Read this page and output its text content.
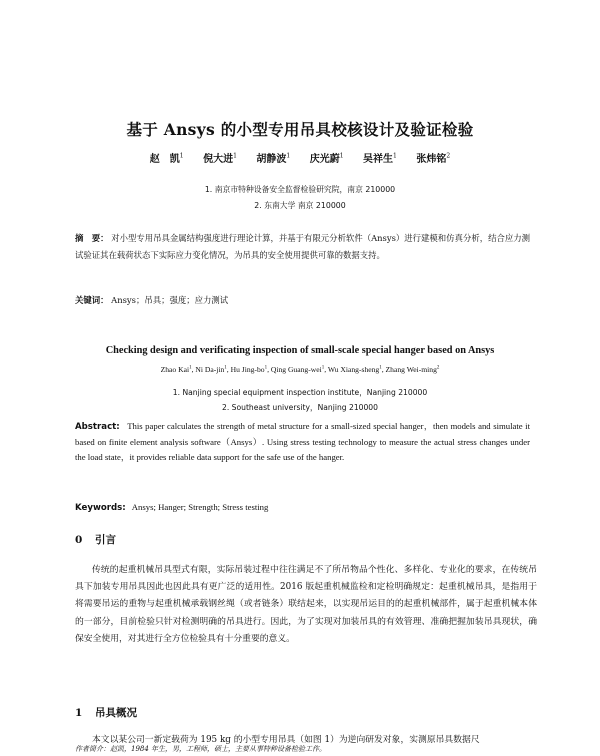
基于 Ansys 的小型专用吊具校核设计及验证检验
赵　凯$^1$ 倪大进$^1$ 胡静波$^1$ 庆光蔚$^1$ 吴祥生$^1$ 张炜铭$^2$
1. 南京市特种设备安全监督检验研究院，南京 210000
2. 东南大学 南京 210000
摘　要： 对小型专用吊具金属结构强度进行理论计算，并基于有限元分析软件（Ansys）进行建模和仿真分析，结合应力测试验证其在载荷状态下实际应力变化情况，为吊具的安全使用提供可靠的数据支持。
关键词： Ansys；吊具；强度；应力测试
Checking design and verificating inspection of small-scale special hanger based on Ansys
Zhao Kai$^1$, Ni Da-jin$^1$, Hu Jing-$bo^1$, Qing Guang-wei$^1$, Wu Xiang-sheng$^1$, Zhang Wei-ming$^2$
1. Nanjing special equipment inspection institute，Nanjing 210000
2. Southeast university，Nanjing 210000
Abstract: This paper calculates the strength of metal structure for a small-sized special hanger，then models and simulate it based on finite element analysis software（Ansys）. Using stress testing technology to measure the actual stress changes under the load state，it provides reliable data support for the safe use of the hanger.
Keywords: Ansys; Hanger; Strength; Stress testing
0 引言
传统的起重机械吊具型式有限，实际吊装过程中往往满足不了所吊物品个性化、多样化、专业化的要求，在传统吊具下加装专用吊具因此也因此具有更广泛的适用性。2016 版起重机械监检和定检明确规定：起重机械吊具，是指用于将需要吊运的重物与起重机械承载钢丝绳（或者链条）联结起来，以实现吊运目的的起重机械部件，属于起重机械本体的一部分，目前检验只针对检测明确的吊具进行。因此，为了实现对加装吊具的有效管理、准确把握加装吊具现状，确保安全使用，对其进行全方位检验具有十分重要的意义。
1 吊具概况
本文以某公司一新定载荷为 195 kg 的小型专用吊具（如图 1）为逆向研发对象，实测原吊具数据尺
作者简介：赵凯，1984 年生，男，工程师，硕士，主要从事特种设备检验工作。
